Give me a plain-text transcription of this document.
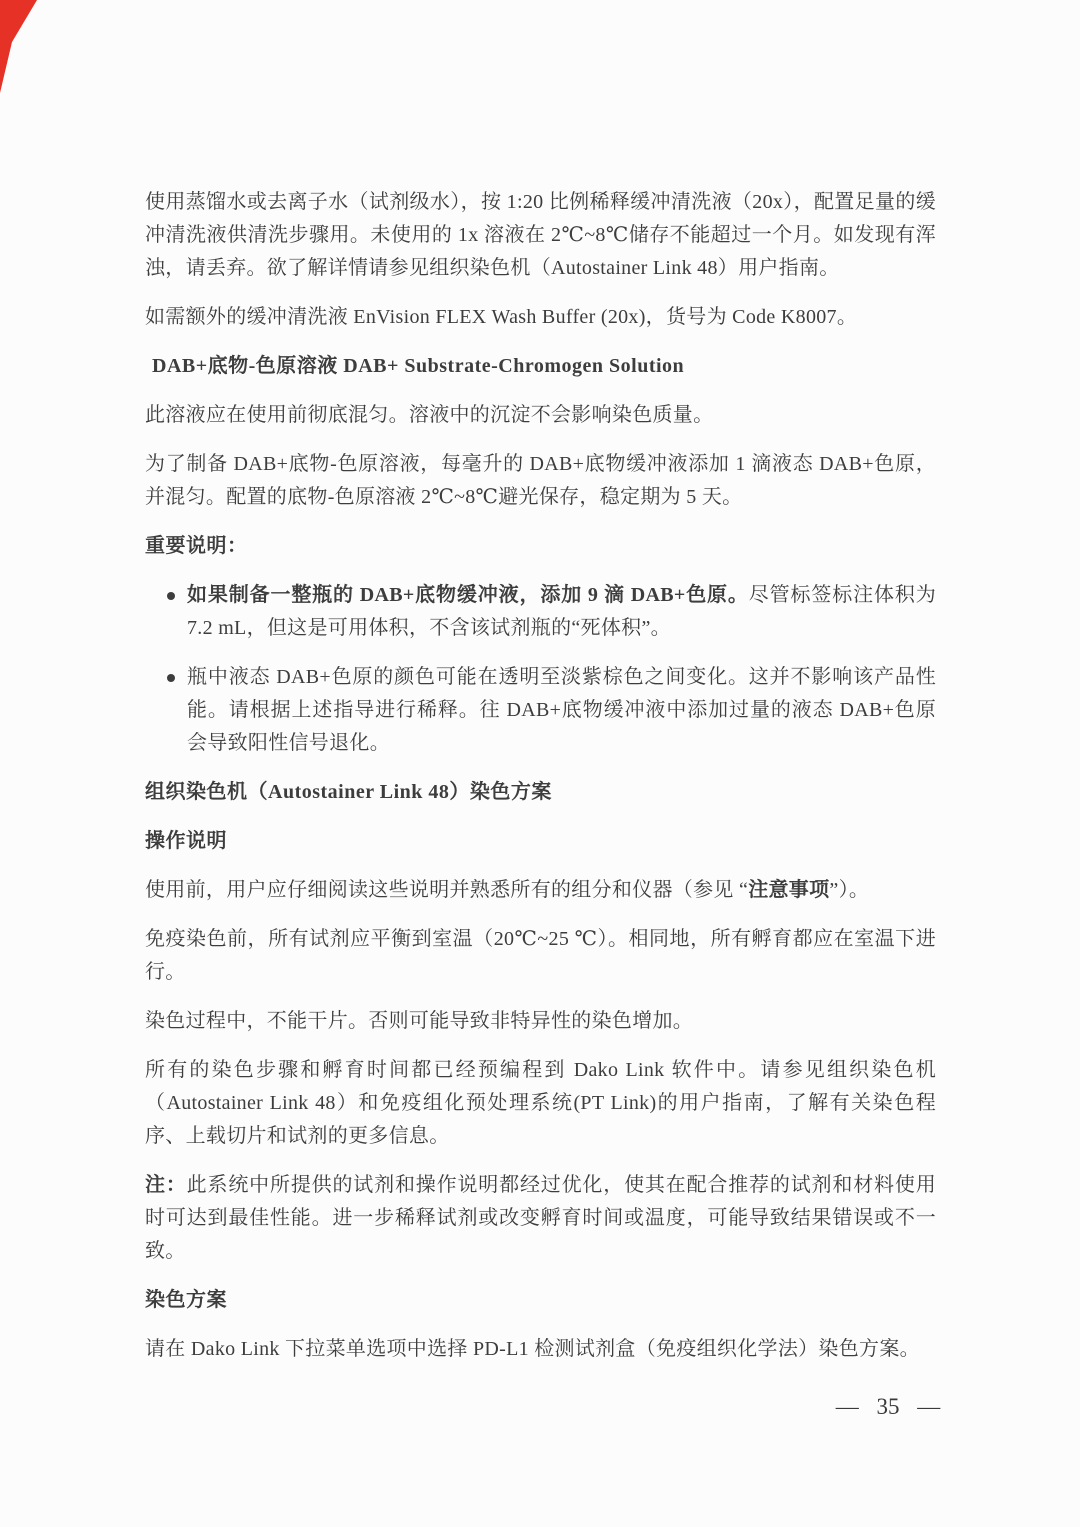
使用蒸馏水或去离子水（试剂级水），按 1:20 比例稀释缓冲清洗液（20x），配置足量的缓冲清洗液供清洗步骤用。未使用的 1x 溶液在 2℃~8℃储存不能超过一个月。如发现有浑浊，请丢弃。欲了解详情请参见组织染色机（Autostainer Link 48）用户指南。

如需额外的缓冲清洗液 EnVision FLEX Wash Buffer (20x)，货号为 Code K8007。

DAB+底物-色原溶液 DAB+ Substrate-Chromogen Solution

此溶液应在使用前彻底混匀。溶液中的沉淀不会影响染色质量。

为了制备 DAB+底物-色原溶液，每毫升的 DAB+底物缓冲液添加 1 滴液态 DAB+色原，并混匀。配置的底物-色原溶液 2℃~8℃避光保存，稳定期为 5 天。

重要说明：
如果制备一整瓶的 DAB+底物缓冲液，添加 9 滴 DAB+色原。尽管标签标注体积为 7.2 mL，但这是可用体积，不含该试剂瓶的“死体积”。
瓶中液态 DAB+色原的颜色可能在透明至淡紫棕色之间变化。这并不影响该产品性能。请根据上述指导进行稀释。往 DAB+底物缓冲液中添加过量的液态 DAB+色原会导致阳性信号退化。
组织染色机（Autostainer Link 48）染色方案
操作说明

使用前，用户应仔细阅读这些说明并熟悉所有的组分和仪器（参见 “注意事项”）。

免疫染色前，所有试剂应平衡到室温（20℃~25 ℃）。相同地，所有孵育都应在室温下进行。

染色过程中，不能干片。否则可能导致非特异性的染色增加。

所有的染色步骤和孵育时间都已经预编程到 Dako Link 软件中。请参见组织染色机（Autostainer Link 48）和免疫组化预处理系统(PT Link)的用户指南，了解有关染色程序、上载切片和试剂的更多信息。

注：此系统中所提供的试剂和操作说明都经过优化，使其在配合推荐的试剂和材料使用时可达到最佳性能。进一步稀释试剂或改变孵育时间或温度，可能导致结果错误或不一致。

染色方案

请在 Dako Link 下拉菜单选项中选择 PD-L1 检测试剂盒（免疫组织化学法）染色方案。

— 35 —
